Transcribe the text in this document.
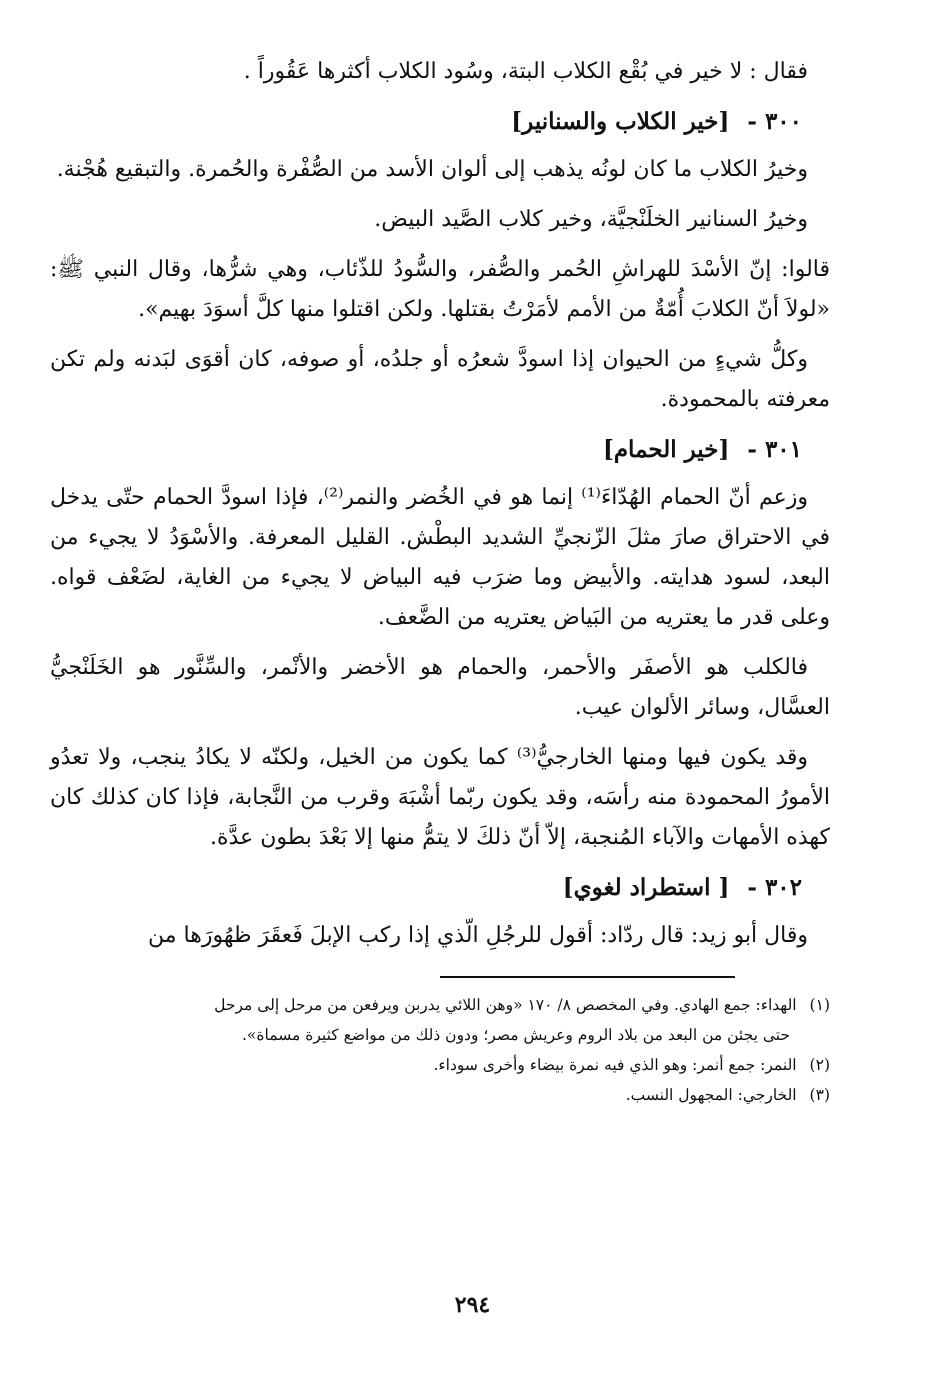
فقال : لا خير في بُقْع الكلاب البتة، وسُود الكلاب أكثرها عَقُوراً .

٣٠٠ - [خير الكلاب والسنانير]

وخيرُ الكلاب ما كان لونُه يذهب إلى ألوان الأسد من الصُّفْرة والحُمرة. والتبقيع هُجْنة.

وخيرُ السنانير الخلَنْجيَّة، وخير كلاب الصَّيد البيض.

قالوا: إنّ الأسْدَ للهراشِ الحُمر والصُّفر، والسُّودُ للذّئاب، وهي شرُّها، وقال النبي ﷺ: «لولاَ أنّ الكلابَ أُمّةٌ من الأمم لأمَرْتُ بقتلها. ولكن اقتلوا منها كلَّ أسوَدَ بهيم».

وكلُّ شيءٍ من الحيوان إذا اسودَّ شعرُه أو جلدُه، أو صوفه، كان أقوَى لبَدنه ولم تكن معرفته بالمحمودة.

٣٠١ - [خير الحمام]

وزعم أنّ الحمام الهُدّاءَ⁽¹⁾ إنما هو في الخُضر والنمر⁽²⁾، فإذا اسودَّ الحمام حتّى يدخل في الاحتراق صارَ مثلَ الزّنجيِّ الشديد البطْش. القليل المعرفة. والأسْوَدُ لا يجيء من البعد، لسود هدايته. والأبيض وما ضرَب فيه البياض لا يجيء من الغاية، لضَعْف قواه. وعلى قدر ما يعتريه من البَياض يعتريه من الضَّعف.

فالكلب هو الأصفَر والأحمر، والحمام هو الأخضر والأنْمر، والسِّنَّور هو الخَلَنْجيُّ العسَّال، وسائر الألوان عيب.

وقد يكون فيها ومنها الخارجيُّ⁽³⁾ كما يكون من الخيل، ولكنّه لا يكادُ ينجب، ولا تعدُو الأمورُ المحمودة منه رأسَه، وقد يكون ربّما أشْبَهَ وقرب من النَّجابة، فإذا كان كذلك كان كهذه الأمهات والآباء المُنجبة، إلاّ أنّ ذلكَ لا يتمُّ منها إلا بَعْدَ بطون عدَّة.

٣٠٢ - [ استطراد لغوي]

وقال أبو زيد: قال ردّاد: أقول للرجُلِ الّذي إذا ركب الإبلَ فَعقَرَ ظهُورَها من

(١) الهداء: جمع الهادي. وفي المخصص ٨/ ١٧٠ «وهن اللائي يدربن ويرفعن من مرحل إلى مرحل

حتى يجئن من البعد من بلاد الروم وعريش مصر؛ ودون ذلك من مواضع كثيرة مسماة».

(٢) النمر: جمع أنمر: وهو الذي فيه نمرة بيضاء وأخرى سوداء.

(٣) الخارجي: المجهول النسب.

٢٩٤
